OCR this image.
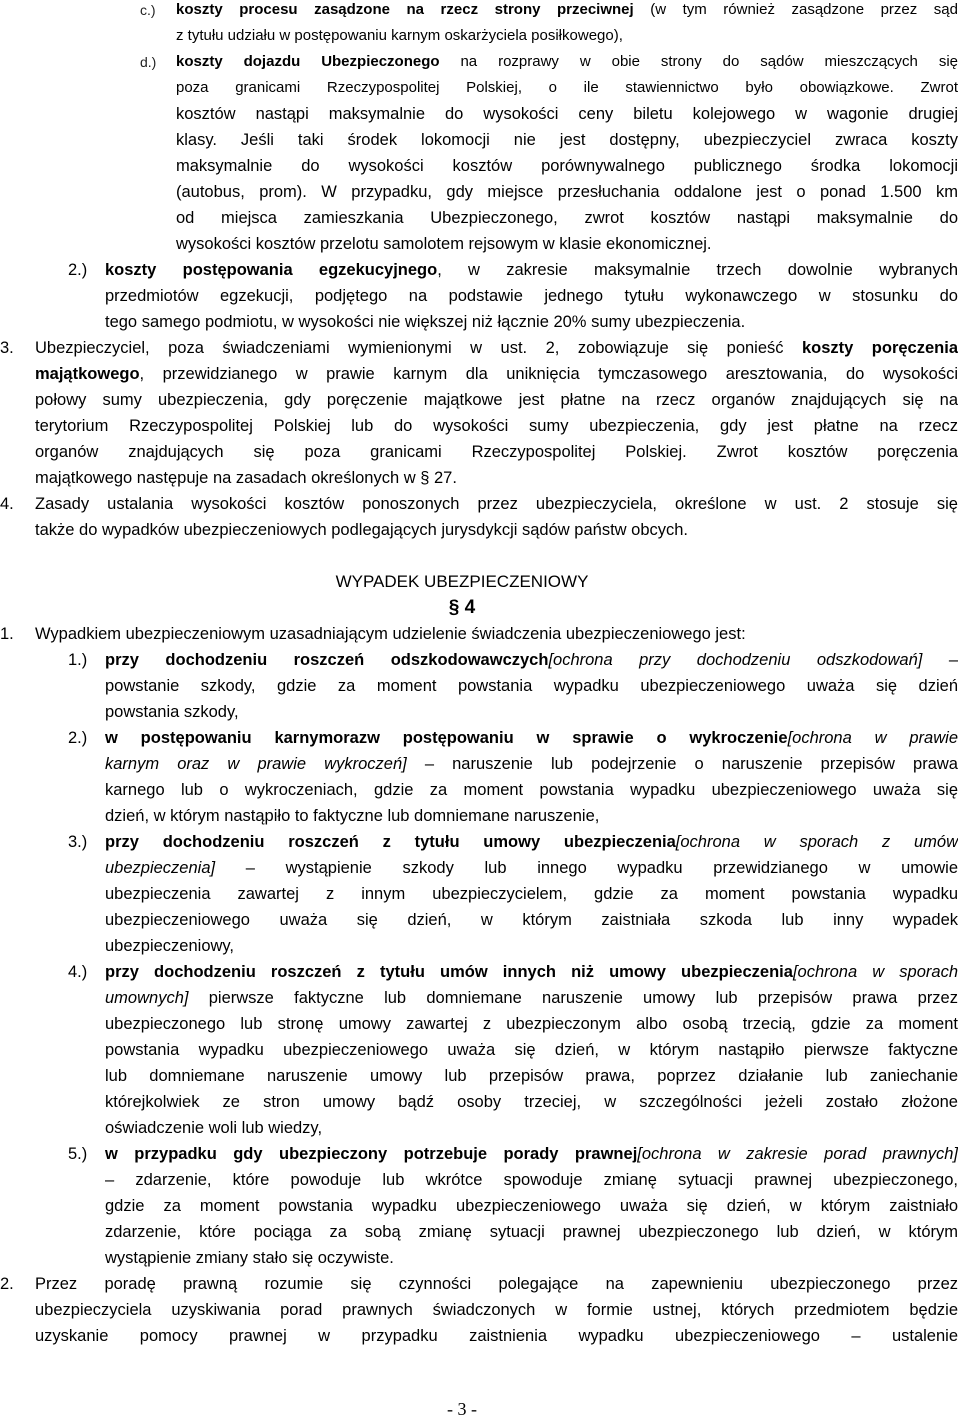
c.) koszty procesu zasądzone na rzecz strony przeciwnej (w tym również zasądzone przez sąd
z tytułu udziału w postępowaniu karnym oskarżyciela posiłkowego),
d.) koszty dojazdu Ubezpieczonego na rozprawy w obie strony do sądów mieszczących się
poza granicami Rzeczypospolitej Polskiej, o ile stawiennictwo było obowiązkowe. Zwrot
kosztów nastąpi maksymalnie do wysokości ceny biletu kolejowego w wagonie drugiej
klasy. Jeśli taki środek lokomocji nie jest dostępny, ubezpieczyciel zwraca koszty
maksymalnie do wysokości kosztów porównywalnego publicznego środka lokomocji
(autobus, prom). W przypadku, gdy miejsce przesłuchania oddalone jest o ponad 1.500 km
od miejsca zamieszkania Ubezpieczonego, zwrot kosztów nastąpi maksymalnie do
wysokości kosztów przelotu samolotem rejsowym w klasie ekonomicznej.
2.) koszty postępowania egzekucyjnego, w zakresie maksymalnie trzech dowolnie wybranych
przedmiotów egzekucji, podjętego na podstawie jednego tytułu wykonawczego w stosunku do
tego samego podmiotu, w wysokości nie większej niż łącznie 20% sumy ubezpieczenia.
3. Ubezpieczyciel, poza świadczeniami wymienionymi w ust. 2, zobowiązuje się ponieść koszty poręczenia
majątkowego, przewidzianego w prawie karnym dla uniknięcia tymczasowego aresztowania, do wysokości
połowy sumy ubezpieczenia, gdy poręczenie majątkowe jest płatne na rzecz organów znajdujących się na
terytorium Rzeczypospolitej Polskiej lub do wysokości sumy ubezpieczenia, gdy jest płatne na rzecz
organów znajdujących się poza granicami Rzeczypospolitej Polskiej. Zwrot kosztów poręczenia
majątkowego następuje na zasadach określonych w § 27.
4. Zasady ustalania wysokości kosztów ponoszonych przez ubezpieczyciela, określone w ust. 2 stosuje się
także do wypadków ubezpieczeniowych podlegających jurysdykcji sądów państw obcych.
WYPADEK UBEZPIECZENIOWY
§ 4
1. Wypadkiem ubezpieczeniowym uzasadniającym udzielenie świadczenia ubezpieczeniowego jest:
1.) przy dochodzeniu roszczeń odszkodowawczych[ochrona przy dochodzeniu odszkodowań] –
powstanie szkody, gdzie za moment powstania wypadku ubezpieczeniowego uważa się dzień
powstania szkody,
2.) w postępowaniu karnymorazw postępowaniu w sprawie o wykroczenie[ochrona w prawie
karnym oraz w prawie wykroczeń] – naruszenie lub podejrzenie o naruszenie przepisów prawa
karnego lub o wykroczeniach, gdzie za moment powstania wypadku ubezpieczeniowego uważa się
dzień, w którym nastąpiło to faktyczne lub domniemane naruszenie,
3.) przy dochodzeniu roszczeń z tytułu umowy ubezpieczenia[ochrona w sporach z umów
ubezpieczenia] – wystąpienie szkody lub innego wypadku przewidzianego w umowie
ubezpieczenia zawartej z innym ubezpieczycielem, gdzie za moment powstania wypadku
ubezpieczeniowego uważa się dzień, w którym zaistniała szkoda lub inny wypadek
ubezpieczeniowy,
4.) przy dochodzeniu roszczeń z tytułu umów innych niż umowy ubezpieczenia[ochrona w sporach
umownych] pierwsze faktyczne lub domniemane naruszenie umowy lub przepisów prawa przez
ubezpieczonego lub stronę umowy zawartej z ubezpieczonym albo osobą trzecią, gdzie za moment
powstania wypadku ubezpieczeniowego uważa się dzień, w którym nastąpiło pierwsze faktyczne
lub domniemane naruszenie umowy lub przepisów prawa, poprzez działanie lub zaniechanie
którejkolwiek ze stron umowy bądź osoby trzeciej, w szczególności jeżeli zostało złożone
oświadczenie woli lub wiedzy,
5.) w przypadku gdy ubezpieczony potrzebuje porady prawnej[ochrona w zakresie porad prawnych]
– zdarzenie, które powoduje lub wkrótce spowoduje zmianę sytuacji prawnej ubezpieczonego,
gdzie za moment powstania wypadku ubezpieczeniowego uważa się dzień, w którym zaistniało
zdarzenie, które pociąga za sobą zmianę sytuacji prawnej ubezpieczonego lub dzień, w którym
wystąpienie zmiany stało się oczywiste.
2. Przez poradę prawną rozumie się czynności polegające na zapewnieniu ubezpieczonego przez
ubezpieczyciela uzyskiwania porad prawnych świadczonych w formie ustnej, których przedmiotem będzie
uzyskanie pomocy prawnej w przypadku zaistnienia wypadku ubezpieczeniowego – ustalenie
- 3 -
